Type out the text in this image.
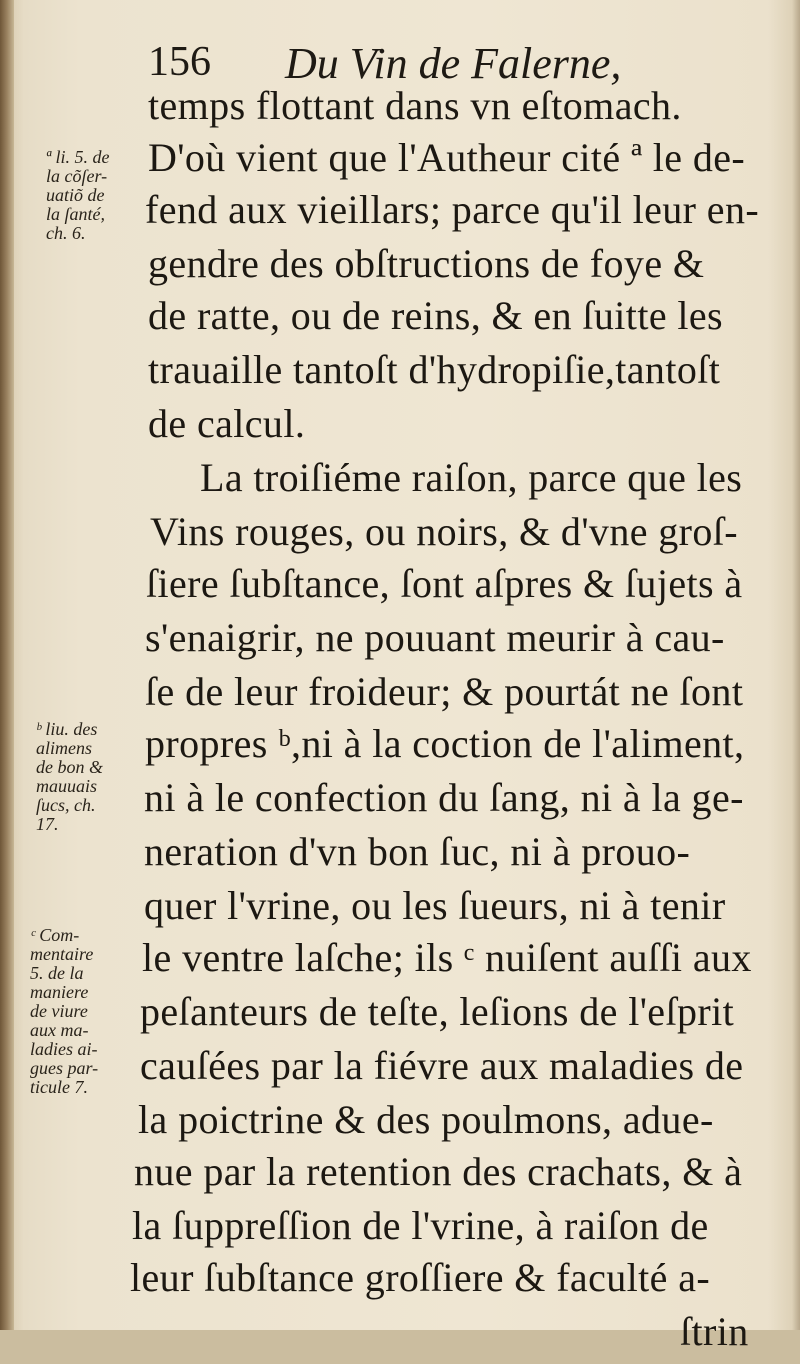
156 Du Vin de Falerne,
temps flottant dans vn eſtomach.
D'où vient que l'Autheur cité ª le de-
fend aux vieillars; parce qu'il leur en-
gendre des obſtructions de foye &
de ratte, ou de reins, & en ſuitte les
trauaille tantoſt d'hydropiſie,tantoſt
de calcul.
La troiſiéme raiſon, parce que les
Vins rouges, ou noirs, & d'vne groſ-
ſiere ſubſtance, ſont aſpres & ſujets à
s'enaigrir, ne pouuant meurir à cau-
ſe de leur froideur; & pourtát ne ſont
propres ᵇ,ni à la coction de l'aliment,
ni à le confection du ſang, ni à la ge-
neration d'vn bon ſuc, ni à prouo-
quer l'vrine, ou les ſueurs, ni à tenir
le ventre laſche; ils ᶜ nuiſent auſſi aux
peſanteurs de teſte, leſions de l'eſprit
cauſées par la fiévre aux maladies de
la poictrine & des poulmons, adue-
nue par la retention des crachats, & à
la ſuppreſſion de l'vrine, à raiſon de
leur ſubſtance groſſiere & faculté a-
ſtrin
ª li. 5. de
la cõſer-
uatiõ de
la ſanté,
ch. 6.
ᵇ liu. des
alimens
de bon &
mauuais
ſucs, ch.
17.
ᶜ Com-
mentaire
5. de la
maniere
de viure
aux ma-
ladies ai-
gues par-
ticule 7.
